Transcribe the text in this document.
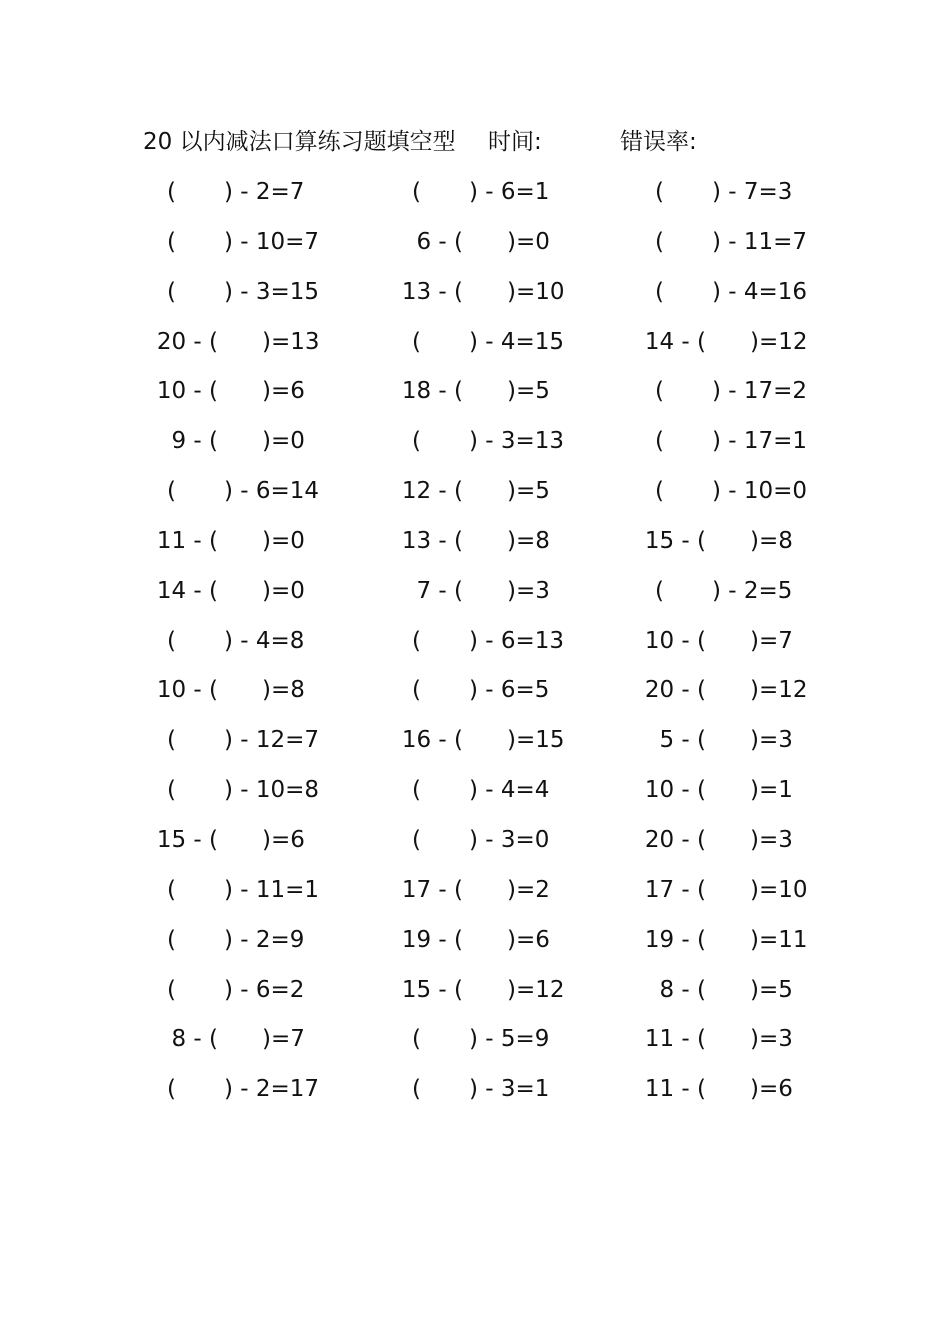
20 以内减法口算练习题填空型 时间:	错误率:
( ) - 2=7	( ) - 6=1	( ) - 7=3
( ) - 10=7	6 - ( )=0	( ) - 11=7
( ) - 3=15	13 - ( )=10	( ) - 4=16
20 - ( )=13	( ) - 4=15	14 - ( )=12
10 - ( )=6	18 - ( )=5	( ) - 17=2
9 - ( )=0	( ) - 3=13	( ) - 17=1
( ) - 6=14	12 - ( )=5	( ) - 10=0
11 - ( )=0	13 - ( )=8	15 - ( )=8
14 - ( )=0	7 - ( )=3	( ) - 2=5
( ) - 4=8	( ) - 6=13	10 - ( )=7
10 - ( )=8	( ) - 6=5	20 - ( )=12
( ) - 12=7	16 - ( )=15	5 - ( )=3
( ) - 10=8	( ) - 4=4	10 - ( )=1
15 - ( )=6	( ) - 3=0	20 - ( )=3
( ) - 11=1	17 - ( )=2	17 - ( )=10
( ) - 2=9	19 - ( )=6	19 - ( )=11
( ) - 6=2	15 - ( )=12	8 - ( )=5
8 - ( )=7	( ) - 5=9	11 - ( )=3
( ) - 2=17	( ) - 3=1	11 - ( )=6
